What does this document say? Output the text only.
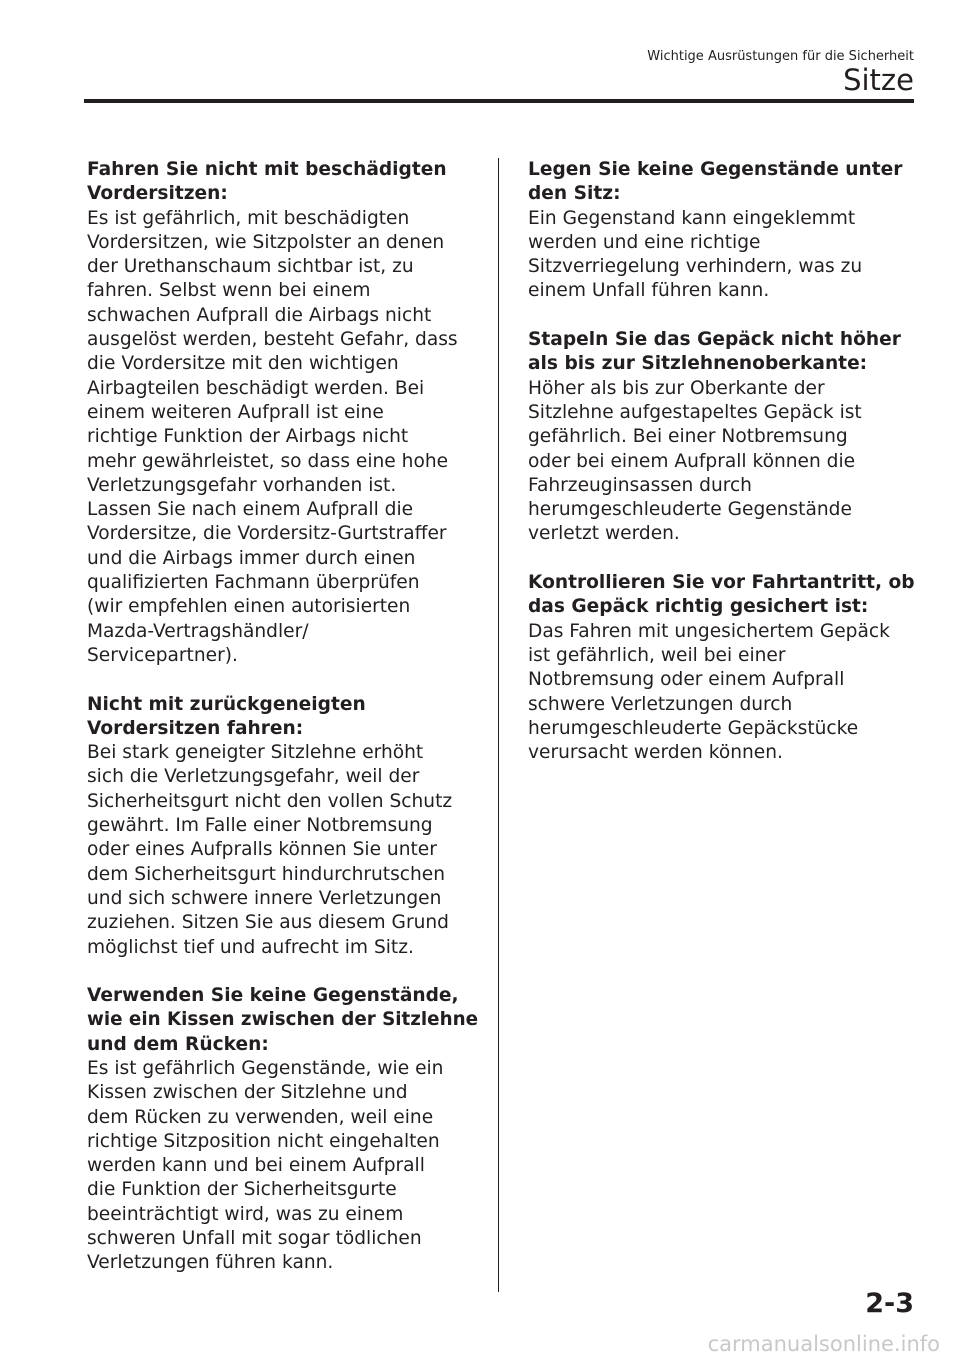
Wichtige Ausrüstungen für die Sicherheit
Sitze
Fahren Sie nicht mit beschädigten
Vordersitzen:
Es ist gefährlich, mit beschädigten
Vordersitzen, wie Sitzpolster an denen
der Urethanschaum sichtbar ist, zu
fahren. Selbst wenn bei einem
schwachen Aufprall die Airbags nicht
ausgelöst werden, besteht Gefahr, dass
die Vordersitze mit den wichtigen
Airbagteilen beschädigt werden. Bei
einem weiteren Aufprall ist eine
richtige Funktion der Airbags nicht
mehr gewährleistet, so dass eine hohe
Verletzungsgefahr vorhanden ist.
Lassen Sie nach einem Aufprall die
Vordersitze, die Vordersitz-Gurtstraffer
und die Airbags immer durch einen
qualifizierten Fachmann überprüfen
(wir empfehlen einen autorisierten
Mazda-Vertragshändler/
Servicepartner).
Nicht mit zurückgeneigten
Vordersitzen fahren:
Bei stark geneigter Sitzlehne erhöht
sich die Verletzungsgefahr, weil der
Sicherheitsgurt nicht den vollen Schutz
gewährt. Im Falle einer Notbremsung
oder eines Aufpralls können Sie unter
dem Sicherheitsgurt hindurchrutschen
und sich schwere innere Verletzungen
zuziehen. Sitzen Sie aus diesem Grund
möglichst tief und aufrecht im Sitz.
Verwenden Sie keine Gegenstände,
wie ein Kissen zwischen der Sitzlehne
und dem Rücken:
Es ist gefährlich Gegenstände, wie ein
Kissen zwischen der Sitzlehne und
dem Rücken zu verwenden, weil eine
richtige Sitzposition nicht eingehalten
werden kann und bei einem Aufprall
die Funktion der Sicherheitsgurte
beeinträchtigt wird, was zu einem
schweren Unfall mit sogar tödlichen
Verletzungen führen kann.
Legen Sie keine Gegenstände unter
den Sitz:
Ein Gegenstand kann eingeklemmt
werden und eine richtige
Sitzverriegelung verhindern, was zu
einem Unfall führen kann.
Stapeln Sie das Gepäck nicht höher
als bis zur Sitzlehnenoberkante:
Höher als bis zur Oberkante der
Sitzlehne aufgestapeltes Gepäck ist
gefährlich. Bei einer Notbremsung
oder bei einem Aufprall können die
Fahrzeuginsassen durch
herumgeschleuderte Gegenstände
verletzt werden.
Kontrollieren Sie vor Fahrtantritt, ob
das Gepäck richtig gesichert ist:
Das Fahren mit ungesichertem Gepäck
ist gefährlich, weil bei einer
Notbremsung oder einem Aufprall
schwere Verletzungen durch
herumgeschleuderte Gepäckstücke
verursacht werden können.
2-3
carmanualsonline.info
